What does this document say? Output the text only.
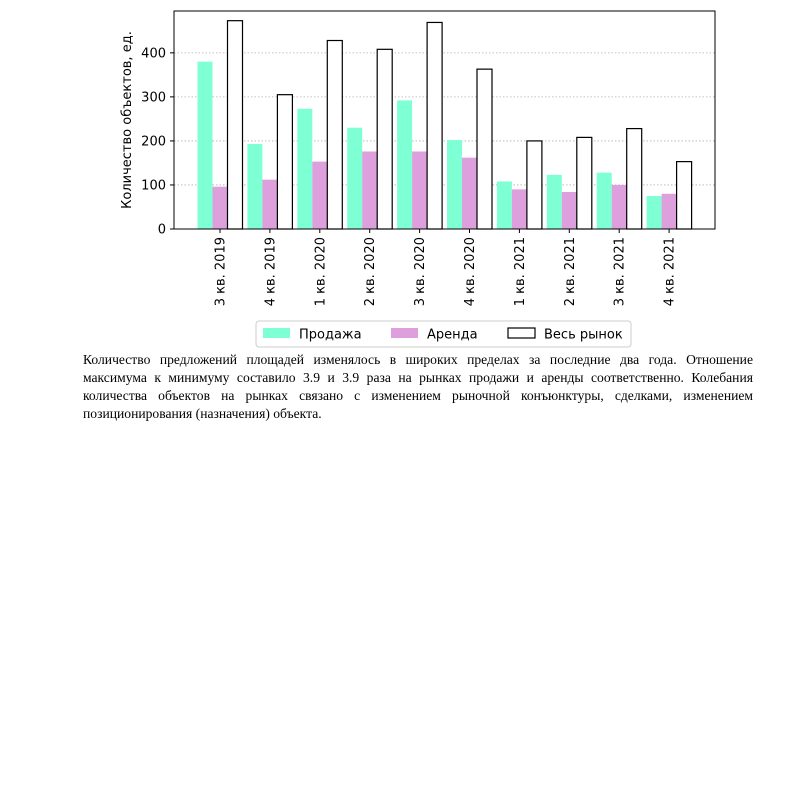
0
100
200
300
400
3 кв. 2019	4 кв. 2019	1 кв. 2020	2 кв. 2020	3 кв. 2020	4 кв. 2020	1 кв. 2021	2 кв. 2021	3 кв. 2021	4 кв. 2021
Количество объектов, ед.
Продажа	Аренда	Весь рынок
Количество предложений площадей изменялось в широких пределах за последние два года. Отношение максимума к минимуму составило 3.9 и 3.9 раза на рынках продажи и аренды соответственно. Колебания количества объектов на рынках связано с изменением рыночной конъюнктуры, сделками, изменением позиционирования (назначения) объекта.
